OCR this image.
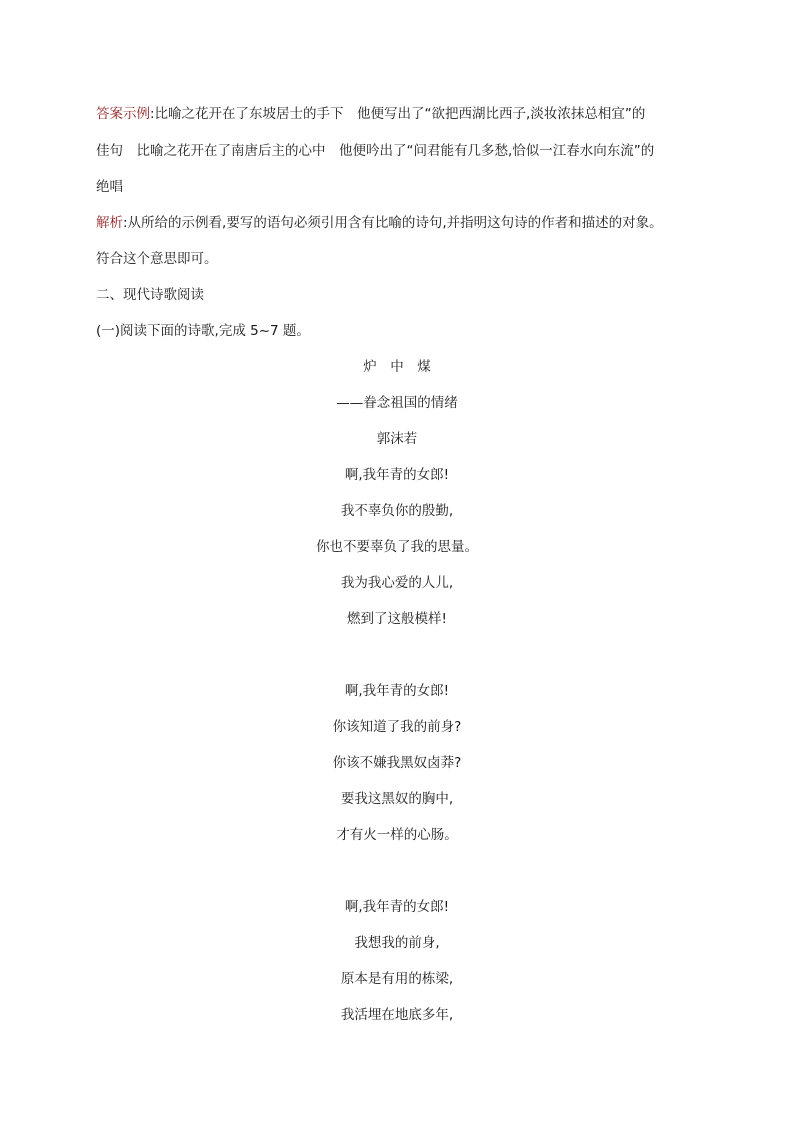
答案示例:比喻之花开在了东坡居士的手下　他便写出了“欲把西湖比西子,淡妆浓抹总相宜”的
佳句　比喻之花开在了南唐后主的心中　他便吟出了“问君能有几多愁,恰似一江春水向东流”的
绝唱
解析:从所给的示例看,要写的语句必须引用含有比喻的诗句,并指明这句诗的作者和描述的对象。
符合这个意思即可。
二、现代诗歌阅读
(一)阅读下面的诗歌,完成 5~7 题。
炉　中　煤
——眷念祖国的情绪
郭沫若
啊,我年青的女郎!
我不辜负你的殷勤,
你也不要辜负了我的思量。
我为我心爱的人儿,
燃到了这般模样!
啊,我年青的女郎!
你该知道了我的前身?
你该不嫌我黑奴卤莽?
要我这黑奴的胸中,
才有火一样的心肠。
啊,我年青的女郎!
我想我的前身,
原本是有用的栋梁,
我活埋在地底多年,
